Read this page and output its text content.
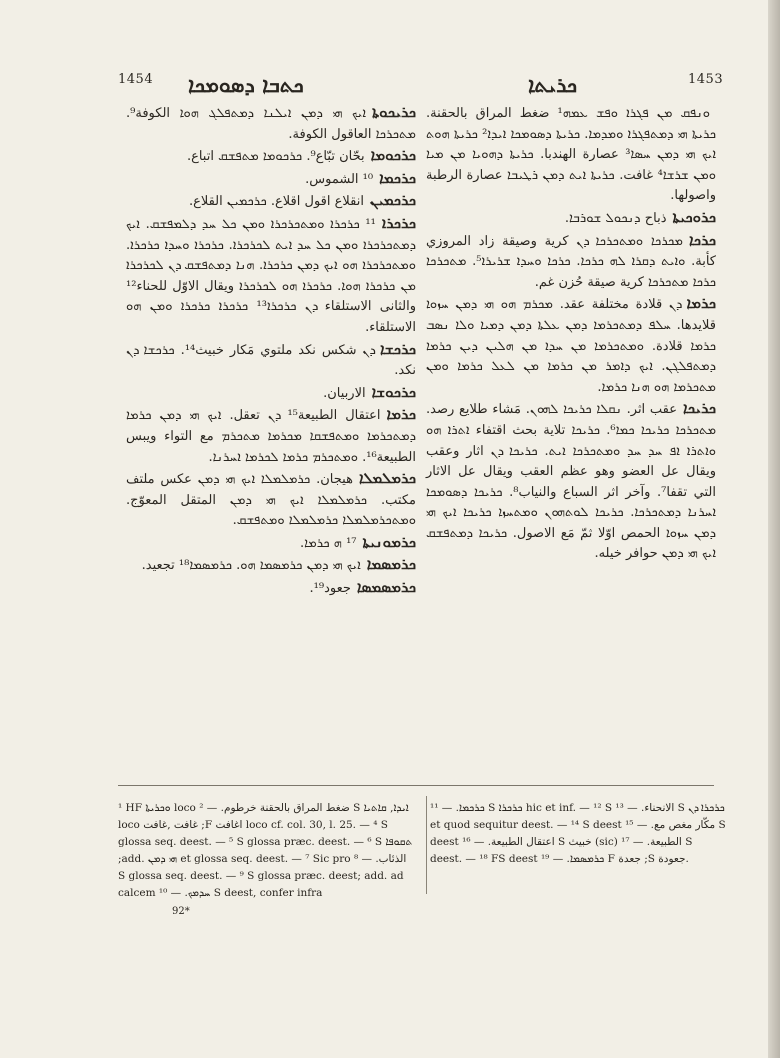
1454 ܟܬܒܐ ܕܣܘܡܟܐ	ܟܪܝܬܐ	1453

ܘܢܦܩ ܡܢ ܦܓܪܐ ܘܦܫ ܥܡܗ¹ ضغط المراق بالحقنة. ܟܪܝܬܐ ܗܝ ܕܡܬܦܓܪܐ ܘܡܕܡܐ. ܟܪܝܬܐ ܕܣܘܡܟܐ ܐܝܕܐ² ܟܪܝܬܐ ܗܘܬ ܐܝܟ ܗܝ ܕܡܢ ܚܣܐ³ عصارة الهندبا. ܟܪܝܬܐ ܕܗܘܝܐ ܡܢ ܡܝܐ ܘܡܢ ܫܪܫܐ⁴ غافت. ܟܪܝܬܐ ܐܝܬ ܕܡܢ ܪܛܝܒܐ عصارة الرطبة واصولها.

ܟܪܘܟܝܬܐذباح ܕܢܟܘܠ ܫܘܪܒܐ.

ܟܪܟܐܡܟܪܟܐ ܘܡܬܟܪܟܐ ܕܢ كرية وصيقة زاد المروزي كأبة. ܘܐܝܬ ܕܩܪܐ ܠܗ ܟܪܟܐ. ܟܪܟܐ ܘܚܕܐ ܫܪܝܪܐ⁵. ܡܬܟܪܟܐ ܟܪܟܐ ܡܬܟܪܟܐ كرية صيقة حُزن غم.

ܟܪܡܐܕܢ قلادة مختلفة عقد. ܡܟܪܡ ܗܘ ܗܝ ܕܡܢ ܚܙܘܐ قلايدها. ܚܠܦ ܕܡܬܟܪܡܐ ܕܡܢ ܥܠܬܐ ܕܡܢ ܕܡܝܐ ܘܠܐ ܢܣܒ ܟܪܡܐ قلادة. ܘܡܬܟܪܡܐ ܡܢ ܚܕܐ ܡܢ ܗܠܝܢ ܕܝܢ ܟܪܡܐ ܕܡܬܦܠܓܢ. ܐܝܟ ܕܐܡܪ ܡܢ ܟܪܡܐ ܡܢ ܠܥܠ ܟܪܡܐ ܘܡܢ ܡܬܟܪܡܐ ܗܘ ܗܢܐ ܟܪܡܐ.

ܟܪܝܟܐعقب اثر. ܢܩܠܐ ܟܪܝܟܐ ܠܗܘܢ. مَشاء طلايع رصد. ܡܬܟܪܟܐ ܟܪܝܟܐ ܟܡܐ⁶. ܟܪܝܟܐ تلاية بحث اقتفاء ܐܬܪܐ ܗܘ ܘܐܬܪܐ ܐܦ ܚܕ ܚܕ ܘܡܬܟܪܟܐ ܐܝܬ. ܟܪܝܟܐ ܕܢ اثار وعقب ويقال عل العضو وهو عظم العقب ويقال عل الاثار التي تقفا⁷. وآخر اثر السباع والنياب⁸. ܟܪܝܟܐ ܕܣܘܡܟܐ ܐܚܪܢܐ ܕܡܬܟܪܟܐ. ܟܪܝܟܐ ܠܘܬܗܘܢ ܘܡܬܚܙܐ ܟܪܝܟܐ ܐܝܟ ܗܝ ܕܡܢ ܚܙܘܐ الحمص اوّلا ثمّ مَع الاصول. ܟܪܝܟܐ ܕܡܬܦܫܩ ܐܝܟ ܗܝ ܕܡܢ حوافر خيله.

ܟܪܝܟܘܬܐܐܝܟ ܗܝ ܕܡܢ ܐܝܠܢܐ ܕܡܬܦܠܓ ܗܘܐ الكوفة⁹. ܡܬܟܪܟܐ العاقول الكوفة.

ܟܪܟܘܡܐبحّان تبّاع⁹. ܟܪܟܘܡܐ ܡܬܦܫܩ اتباع.

ܟܪܟܡܐ¹⁰ الشموس.

ܟܪܟܡܝܢانقلاع اقول اقلاع. ܟܪܟܡܝܢ القلاع.

ܟܪܟܪܐ¹¹ ܟܪܟܪܐ ܘܡܬܟܪܟܪܐ ܘܡܢ ܟܠ ܚܕ ܕܠܡܦܫܩ. ܐܝܟ ܕܡܬܟܪܟܪܐ ܘܡܢ ܟܠ ܚܕ ܐܝܬ ܠܟܪܟܪܐ. ܟܪܟܪܐ ܘܚܕܐ ܟܪܟܪܐ. ܘܡܬܟܪܟܪܐ ܗܘ ܐܝܟ ܕܡܢ ܟܪܟܪܐ. ܗܢܐ ܕܡܬܦܫܩ ܕܢ ܠܟܪܟܪܐ ܡܢ ܟܪܟܪܐ ܗܘܐ. ܟܪܟܪܐ ܗܘ ܠܟܪܟܪܐ ويقال الاوّل للحناء¹² والثانى الاستلقاء ܕܢ ܟܪܟܪܐ¹³ ܟܪܟܪܐ ܟܪܟܪܐ ܘܡܢ ܗܘ الاستلقاء.

ܟܪܟܫܐܕܢ شكس نكد ملتوي مَكار خبيث¹⁴. ܟܪܟܫܐ ܕܢ نكد.

ܟܪܟܘܫܐالاربيان.

ܟܪܡܐاعتقال الطبيعة¹⁵ ܕܢ تعقل. ܐܝܟ ܗܝ ܕܡܢ ܟܪܡܐ ܕܡܬܟܪܡܐ ܘܡܬܦܫܩܐ ܡܟܪܡܐ ܡܬܟܪܡ مع التواء ويبس الطبيعة¹⁶. ܘܡܬܟܪܡ ܟܪܡܐ ܠܟܪܡܐ ܐܚܪܢܐ.

ܟܪܡܠܡܠܐهيجان. ܟܪܡܠܡܠܐ ܐܝܟ ܗܝ ܕܡܢ عكس ملتف مكتب. ܟܪܡܠܡܠܐ ܐܝܟ ܗܝ ܕܡܢ المتقل المعوّج. ܘܡܬܟܪܡܠܡܠܐ ܟܪܡܠܡܠܐ ܘܡܬܦܫܩ.

ܟܪܡܘܢܝܬܐ¹⁷ ܗ ܟܪܡܐ.

ܟܪܡܣܡܐܐܝܟ ܗܝ ܕܡܢ ܟܪܡܣܡܐ ܗܘ. ܟܪܡܣܡܐ¹⁸ تجعيد.

ܟܪܡܣܡܣܐجعود¹⁹.

¹ HF ܘܟܪܝܬܐ loco ضغط المراق بالحقنة خرطوم. — ² S ܐܝܕܐ, ܩܐܬܝܐ loco غافت ,غافت ;F اغافت loco cf. col. 30, l. 25. — ⁴ S glossa seq. deest. — ⁵ S glossa præc. deest. — ⁶ S ܬܩܘܦܐ ;add. ܗܝ ܕܡܢ et glossa seq. deest. — ⁷ Sic pro الذئاب. — ⁸ S glossa seq. deest. — ⁹ S glossa præc. deest; add. ad calcem ܚܕܡܟ. — ¹⁰ S deest, confer infra

ܟܪܟܡܐ. — ¹¹ S ܟܪܟܪܐ hic et inf. — ¹² S الانحناء. — ¹³ S ܟܪܟܪܐ ܕܢ et quod sequitur deest. — ¹⁴ S deest مكّار مغص مع. — ¹⁵ S deest اعتقال الطبيعة. — ¹⁶ S خبيث (sic) الطبيعة. — ¹⁷ S deest. — ¹⁸ FS deest ܟܪܡܣܡܐ. — ¹⁹ F جعدة ;S جعودة.

92*
